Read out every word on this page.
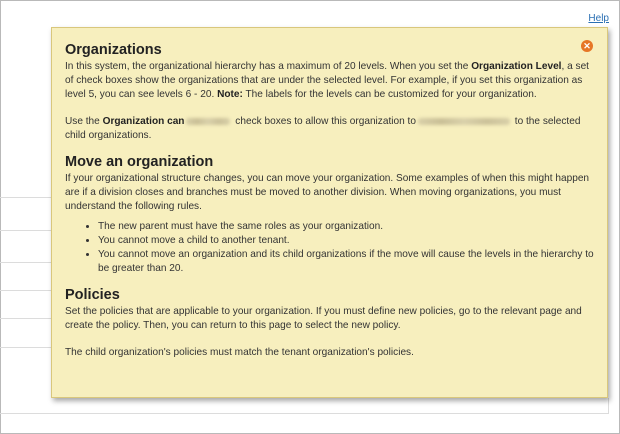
Help
✕
Organizations

In this system, the organizational hierarchy has a maximum of 20 levels. When you set the Organization Level, a set of check boxes show the organizations that are under the selected level. For example, if you set this organization as level 5, you can see levels 6 - 20. Note: The labels for the levels can be customized for your organization.

Use the Organization can	check boxes to allow this organization to	to the selected child organizations.

Move an organization

If your organizational structure changes, you can move your organization. Some examples of when this might happen are if a division closes and branches must be moved to another division. When moving organizations, you must understand the following rules.

• The new parent must have the same roles as your organization.
• You cannot move a child to another tenant.
• You cannot move an organization and its child organizations if the move will cause the levels in the hierarchy to be greater than 20.
Policies

Set the policies that are applicable to your organization. If you must define new policies, go to the relevant page and create the policy. Then, you can return to this page to select the new policy.

The child organization's policies must match the tenant organization's policies.
